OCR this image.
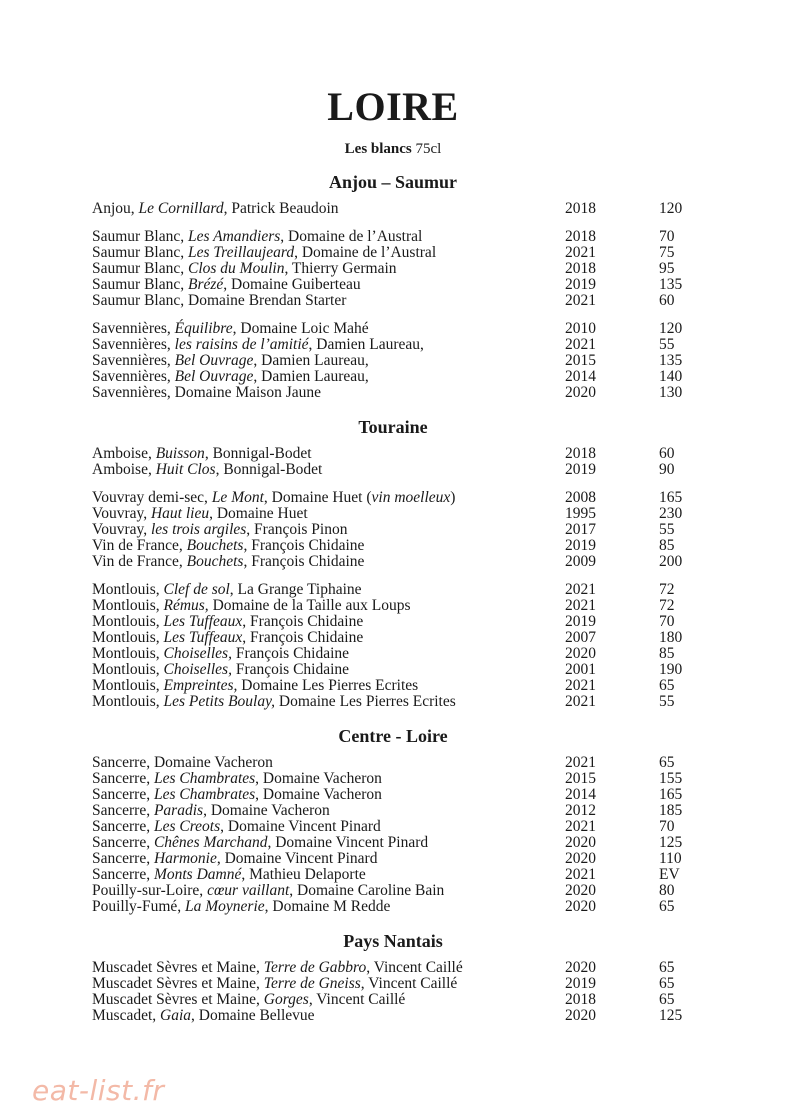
LOIRE
Les blancs 75cl
Anjou – Saumur
Anjou, Le Cornillard, Patrick Beaudoin	2018	120
Saumur Blanc, Les Amandiers, Domaine de l’Austral	2018	70
Saumur Blanc, Les Treillaujeard, Domaine de l’Austral	2021	75
Saumur Blanc, Clos du Moulin, Thierry Germain	2018	95
Saumur Blanc, Brézé, Domaine Guiberteau	2019	135
Saumur Blanc, Domaine Brendan Starter	2021	60
Savennières, Équilibre, Domaine Loic Mahé	2010	120
Savennières, les raisins de l’amitié, Damien Laureau,	2021	55
Savennières, Bel Ouvrage, Damien Laureau,	2015	135
Savennières, Bel Ouvrage, Damien Laureau,	2014	140
Savennières, Domaine Maison Jaune	2020	130
Touraine
Amboise, Buisson, Bonnigal-Bodet	2018	60
Amboise, Huit Clos, Bonnigal-Bodet	2019	90
Vouvray demi-sec, Le Mont, Domaine Huet (vin moelleux)	2008	165
Vouvray, Haut lieu, Domaine Huet	1995	230
Vouvray, les trois argiles, François Pinon	2017	55
Vin de France, Bouchets, François Chidaine	2019	85
Vin de France, Bouchets, François Chidaine	2009	200
Montlouis, Clef de sol, La Grange Tiphaine	2021	72
Montlouis, Rémus, Domaine de la Taille aux Loups	2021	72
Montlouis, Les Tuffeaux, François Chidaine	2019	70
Montlouis, Les Tuffeaux, François Chidaine	2007	180
Montlouis, Choiselles, François Chidaine	2020	85
Montlouis, Choiselles, François Chidaine	2001	190
Montlouis, Empreintes, Domaine Les Pierres Ecrites	2021	65
Montlouis, Les Petits Boulay, Domaine Les Pierres Ecrites	2021	55
Centre - Loire
Sancerre, Domaine Vacheron	2021	65
Sancerre, Les Chambrates, Domaine Vacheron	2015	155
Sancerre, Les Chambrates, Domaine Vacheron	2014	165
Sancerre, Paradis, Domaine Vacheron	2012	185
Sancerre, Les Creots, Domaine Vincent Pinard	2021	70
Sancerre, Chênes Marchand, Domaine Vincent Pinard	2020	125
Sancerre, Harmonie, Domaine Vincent Pinard	2020	110
Sancerre, Monts Damné, Mathieu Delaporte	2021	EV
Pouilly-sur-Loire, cœur vaillant, Domaine Caroline Bain	2020	80
Pouilly-Fumé, La Moynerie, Domaine M Redde	2020	65
Pays Nantais
Muscadet Sèvres et Maine, Terre de Gabbro, Vincent Caillé	2020	65
Muscadet Sèvres et Maine, Terre de Gneiss, Vincent Caillé	2019	65
Muscadet Sèvres et Maine, Gorges, Vincent Caillé	2018	65
Muscadet, Gaia, Domaine Bellevue	2020	125
eat-list.fr
